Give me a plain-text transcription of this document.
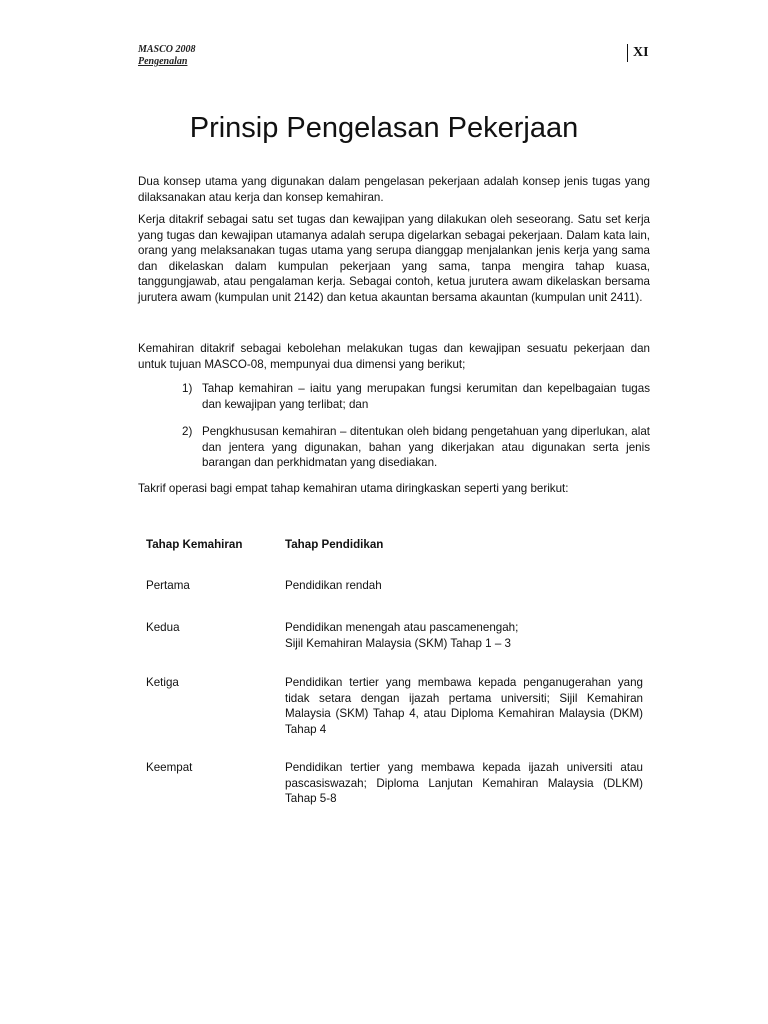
MASCO 2008
Pengenalan
XI
Prinsip Pengelasan Pekerjaan

Dua konsep utama yang digunakan dalam pengelasan pekerjaan adalah konsep jenis tugas yang dilaksanakan atau kerja dan konsep kemahiran.

Kerja ditakrif sebagai satu set tugas dan kewajipan yang dilakukan oleh seseorang. Satu set kerja yang tugas dan kewajipan utamanya adalah serupa digelarkan sebagai pekerjaan. Dalam kata lain, orang yang melaksanakan tugas utama yang serupa dianggap menjalankan jenis kerja yang sama dan dikelaskan dalam kumpulan pekerjaan yang sama, tanpa mengira tahap kuasa, tanggungjawab, atau pengalaman kerja. Sebagai contoh, ketua jurutera awam dikelaskan bersama jurutera awam (kumpulan unit 2142) dan ketua akauntan bersama akauntan (kumpulan unit 2411).

Kemahiran ditakrif sebagai kebolehan melakukan tugas dan kewajipan sesuatu pekerjaan dan untuk tujuan MASCO-08, mempunyai dua dimensi yang berikut;

1) Tahap kemahiran – iaitu yang merupakan fungsi kerumitan dan kepelbagaian tugas dan kewajipan yang terlibat; dan
2) Pengkhususan kemahiran – ditentukan oleh bidang pengetahuan yang diperlukan, alat dan jentera yang digunakan, bahan yang dikerjakan atau digunakan serta jenis barangan dan perkhidmatan yang disediakan.

Takrif operasi bagi empat tahap kemahiran utama diringkaskan seperti yang berikut:

Tahap Kemahiran	Tahap Pendidikan
Pertama	Pendidikan rendah
Kedua	Pendidikan menengah atau pascamenengah;
Sijil Kemahiran Malaysia (SKM) Tahap 1 – 3
Ketiga	Pendidikan tertier yang membawa kepada penganugerahan yang tidak setara dengan ijazah pertama universiti; Sijil Kemahiran Malaysia (SKM) Tahap 4, atau Diploma Kemahiran Malaysia (DKM) Tahap 4
Keempat	Pendidikan tertier yang membawa kepada ijazah universiti atau pascasiswazah; Diploma Lanjutan Kemahiran Malaysia (DLKM) Tahap 5-8
